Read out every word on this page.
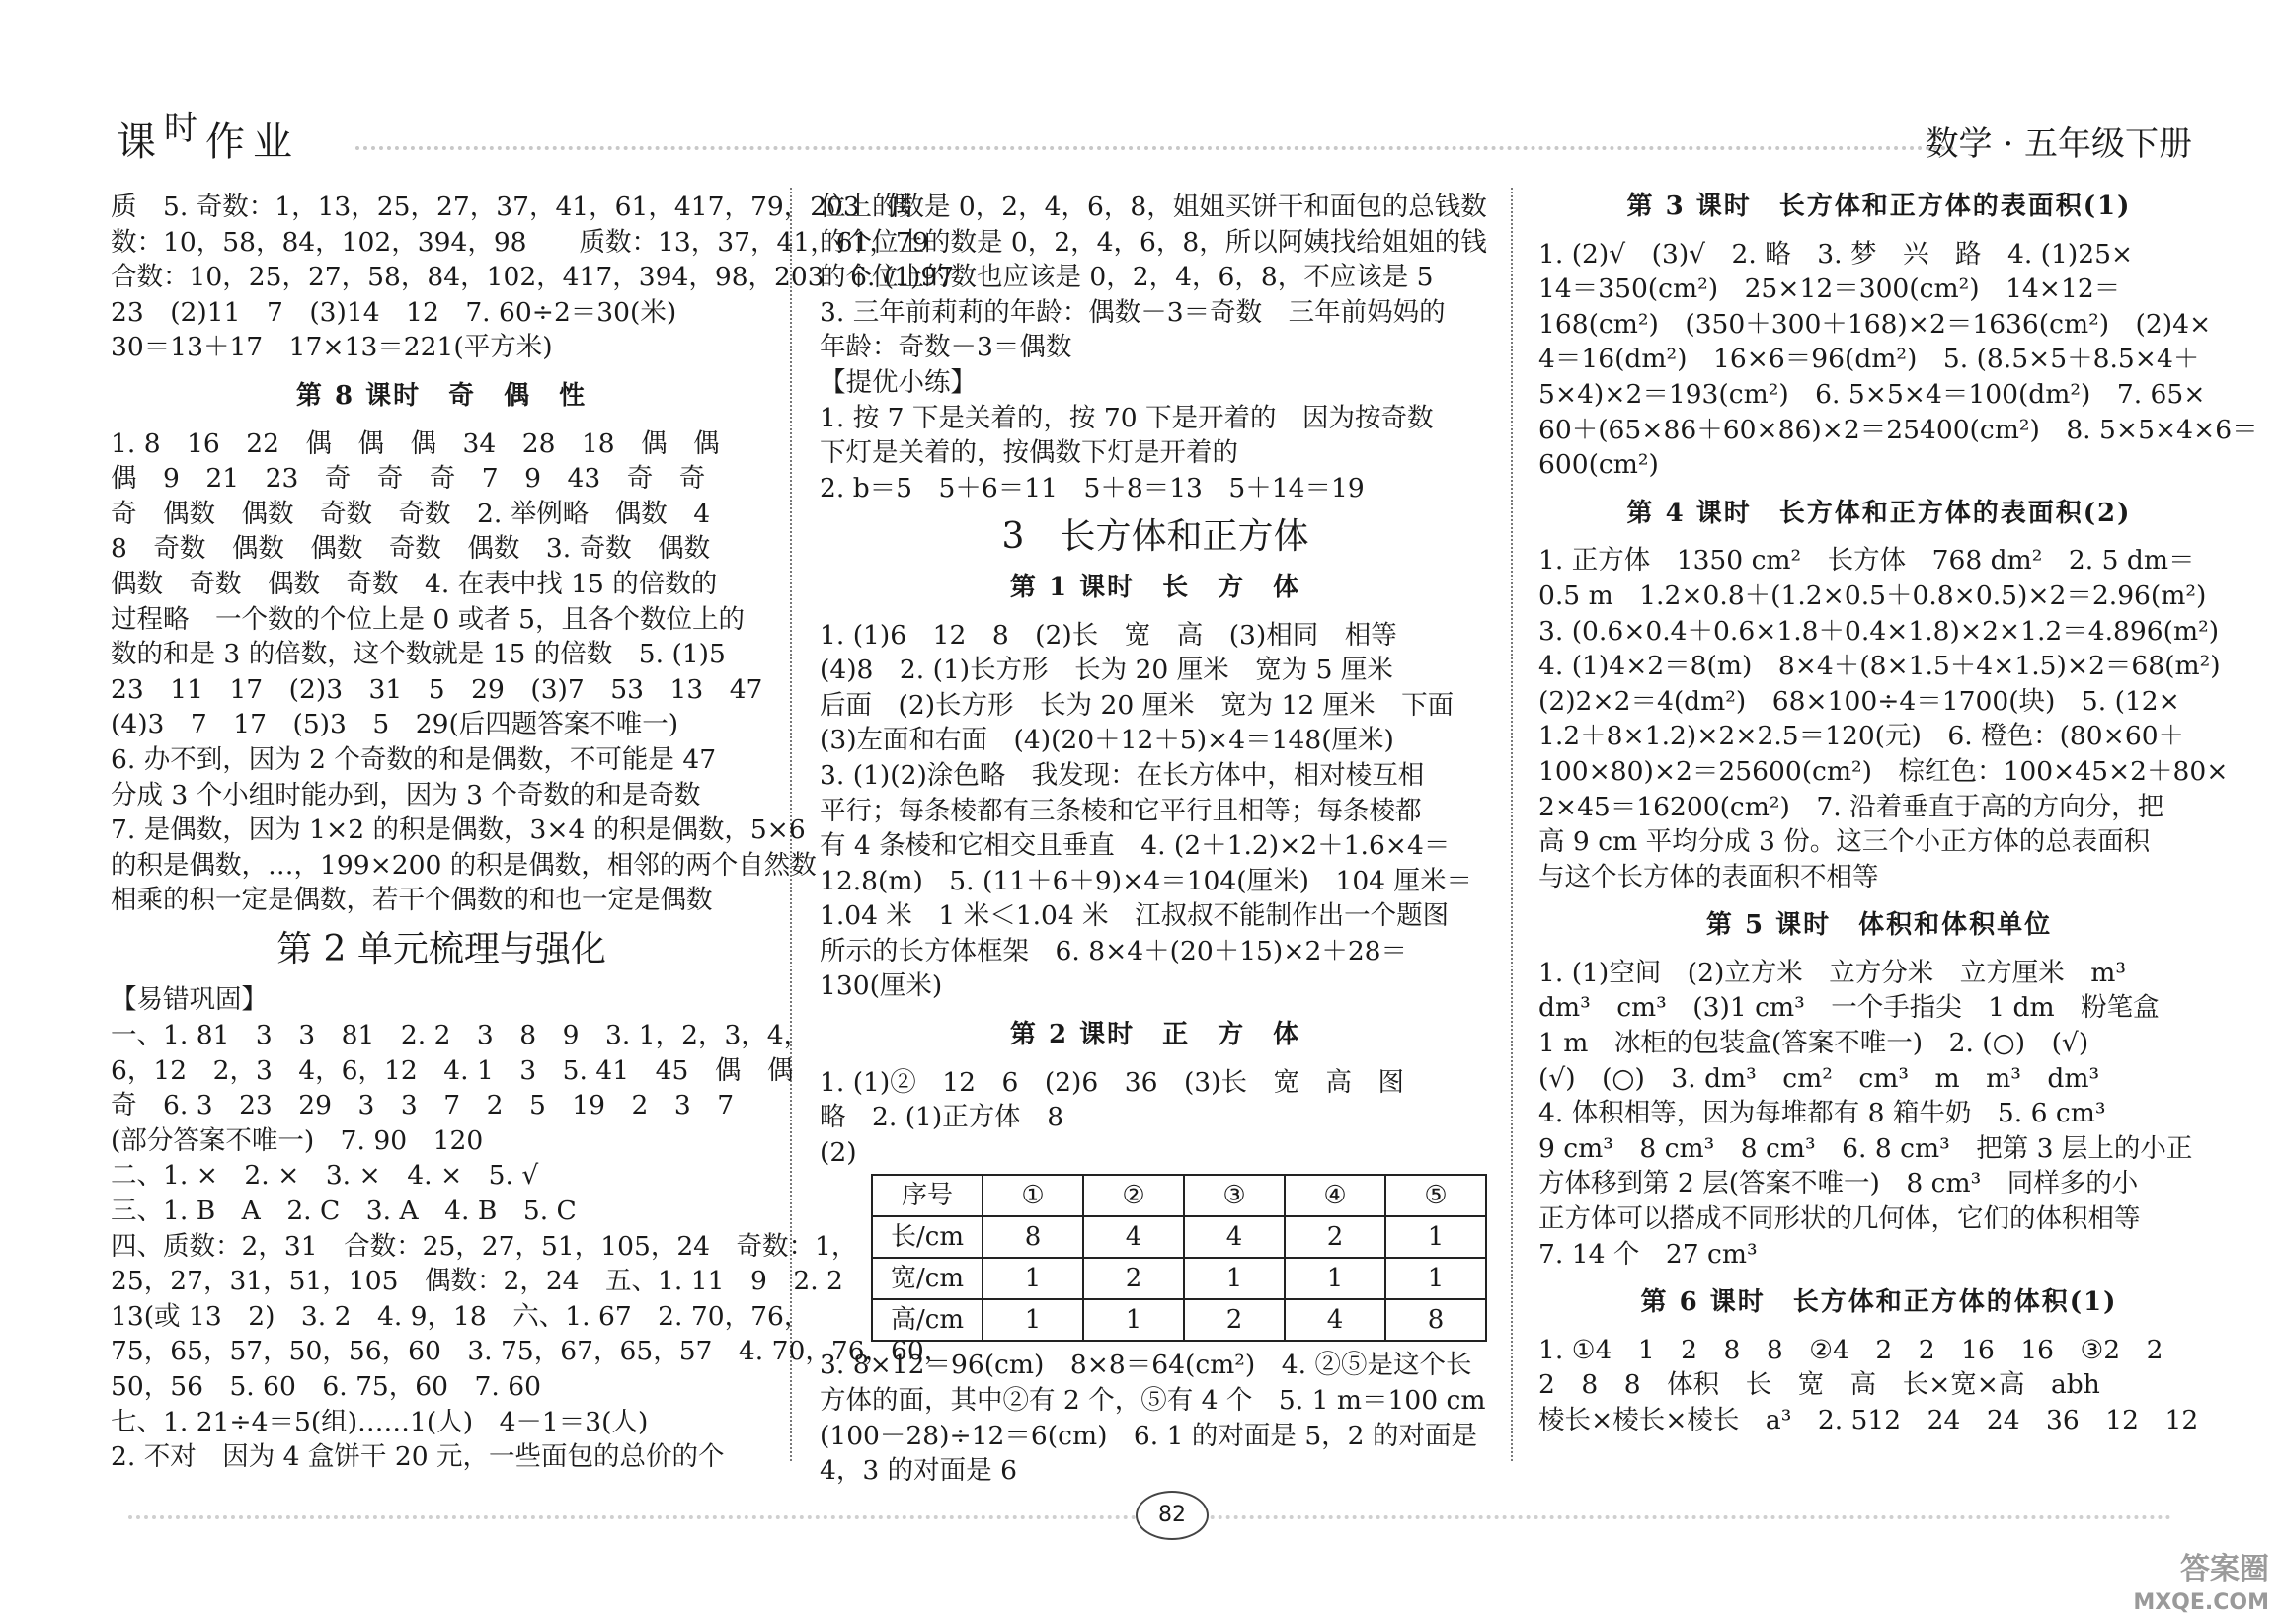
课$^时$作业	数学 · 五年级下册

质　5. 奇数：1，13，25，27，37，41，61，417，79，203　偶

数：10，58，84，102，394，98　　质数：13，37，41，61，79

合数：10，25，27，58，84，102，417，394，98，203　6. (1)97

23　(2)11　7　(3)14　12　7. 60÷2＝30(米)

30＝13＋17　17×13＝221(平方米)

第 8 课时　奇　偶　性

1. 8　16　22　偶　偶　偶　34　28　18　偶　偶

偶　9　21　23　奇　奇　奇　7　9　43　奇　奇

奇　偶数　偶数　奇数　奇数　2. 举例略　偶数　4

8　奇数　偶数　偶数　奇数　偶数　3. 奇数　偶数

偶数　奇数　偶数　奇数　4. 在表中找 15 的倍数的

过程略　一个数的个位上是 0 或者 5，且各个数位上的

数的和是 3 的倍数，这个数就是 15 的倍数　5. (1)5

23　11　17　(2)3　31　5　29　(3)7　53　13　47

(4)3　7　17　(5)3　5　29(后四题答案不唯一)

6. 办不到，因为 2 个奇数的和是偶数，不可能是 47

分成 3 个小组时能办到，因为 3 个奇数的和是奇数

7. 是偶数，因为 1×2 的积是偶数，3×4 的积是偶数，5×6

的积是偶数，…，199×200 的积是偶数，相邻的两个自然数

相乘的积一定是偶数，若干个偶数的和也一定是偶数

第 2 单元梳理与强化

【易错巩固】

一、1. 81　3　3　81　2. 2　3　8　9　3. 1，2，3，4，

6，12　2，3　4，6，12　4. 1　3　5. 41　45　偶　偶

奇　6. 3　23　29　3　3　7　2　5　19　2　3　7

(部分答案不唯一)　7. 90　120

二、1. ×　2. ×　3. ×　4. ×　5. √

三、1. B　A　2. C　3. A　4. B　5. C

四、质数：2，31　合数：25，27，51，105，24　奇数：1，

25，27，31，51，105　偶数：2，24　五、1. 11　9　2. 2

13(或 13　2)　3. 2　4. 9，18　六、1. 67　2. 70，76，

75，65，57，50，56，60　3. 75，67，65，57　4. 70，76，60，

50，56　5. 60　6. 75，60　7. 60

七、1. 21÷4＝5(组)……1(人)　4－1＝3(人)

2. 不对　因为 4 盒饼干 20 元，一些面包的总价的个

位上的数是 0，2，4，6，8，姐姐买饼干和面包的总钱数

的个位上的数是 0，2，4，6，8，所以阿姨找给姐姐的钱

的个位上的数也应该是 0，2，4，6，8，不应该是 5

3. 三年前莉莉的年龄：偶数－3＝奇数　三年前妈妈的

年龄：奇数－3＝偶数

【提优小练】

1. 按 7 下是关着的，按 70 下是开着的　因为按奇数

下灯是关着的，按偶数下灯是开着的

2. b＝5　5＋6＝11　5＋8＝13　5＋14＝19

3　长方体和正方体

第 1 课时　长　方　体

1. (1)6　12　8　(2)长　宽　高　(3)相同　相等

(4)8　2. (1)长方形　长为 20 厘米　宽为 5 厘米

后面　(2)长方形　长为 20 厘米　宽为 12 厘米　下面

(3)左面和右面　(4)(20＋12＋5)×4＝148(厘米)

3. (1)(2)涂色略　我发现：在长方体中，相对棱互相

平行；每条棱都有三条棱和它平行且相等；每条棱都

有 4 条棱和它相交且垂直　4. (2＋1.2)×2＋1.6×4＝

12.8(m)　5. (11＋6＋9)×4＝104(厘米)　104 厘米＝

1.04 米　1 米＜1.04 米　江叔叔不能制作出一个题图

所示的长方体框架　6. 8×4＋(20＋15)×2＋28＝

130(厘米)

第 2 课时　正　方　体

1. (1)②　12　6　(2)6　36　(3)长　宽　高　图

略　2. (1)正方体　8

(2)

序号	①	②	③	④	⑤
长/cm	8	4	4	2	1
宽/cm	1	2	1	1	1
高/cm	1	1	2	4	8

3. 8×12＝96(cm)　8×8＝64(cm²)　4. ②⑤是这个长

方体的面，其中②有 2 个，⑤有 4 个　5. 1 m＝100 cm

(100－28)÷12＝6(cm)　6. 1 的对面是 5，2 的对面是

4，3 的对面是 6

第 3 课时　长方体和正方体的表面积(1)

1. (2)√　(3)√　2. 略　3. 梦　兴　路　4. (1)25×

14＝350(cm²)　25×12＝300(cm²)　14×12＝

168(cm²)　(350＋300＋168)×2＝1636(cm²)　(2)4×

4＝16(dm²)　16×6＝96(dm²)　5. (8.5×5＋8.5×4＋

5×4)×2＝193(cm²)　6. 5×5×4＝100(dm²)　7. 65×

60＋(65×86＋60×86)×2＝25400(cm²)　8. 5×5×4×6＝

600(cm²)

第 4 课时　长方体和正方体的表面积(2)

1. 正方体　1350 cm²　长方体　768 dm²　2. 5 dm＝

0.5 m　1.2×0.8＋(1.2×0.5＋0.8×0.5)×2＝2.96(m²)

3. (0.6×0.4＋0.6×1.8＋0.4×1.8)×2×1.2＝4.896(m²)

4. (1)4×2＝8(m)　8×4＋(8×1.5＋4×1.5)×2＝68(m²)

(2)2×2＝4(dm²)　68×100÷4＝1700(块)　5. (12×

1.2＋8×1.2)×2×2.5＝120(元)　6. 橙色：(80×60＋

100×80)×2＝25600(cm²)　棕红色：100×45×2＋80×

2×45＝16200(cm²)　7. 沿着垂直于高的方向分，把

高 9 cm 平均分成 3 份。这三个小正方体的总表面积

与这个长方体的表面积不相等

第 5 课时　体积和体积单位

1. (1)空间　(2)立方米　立方分米　立方厘米　m³

dm³　cm³　(3)1 cm³　一个手指尖　1 dm　粉笔盒

1 m　冰柜的包装盒(答案不唯一)　2. (○)　(√)

(√)　(○)　3. dm³　cm²　cm³　m　m³　dm³

4. 体积相等，因为每堆都有 8 箱牛奶　5. 6 cm³

9 cm³　8 cm³　8 cm³　6. 8 cm³　把第 3 层上的小正

方体移到第 2 层(答案不唯一)　8 cm³　同样多的小

正方体可以搭成不同形状的几何体，它们的体积相等

7. 14 个　27 cm³

第 6 课时　长方体和正方体的体积(1)

1. ①4　1　2　8　8　②4　2　2　16　16　③2　2

2　8　8　体积　长　宽　高　长×宽×高　abh

棱长×棱长×棱长　a³　2. 512　24　24　36　12　12

82
答案圈
MXQE.COM
